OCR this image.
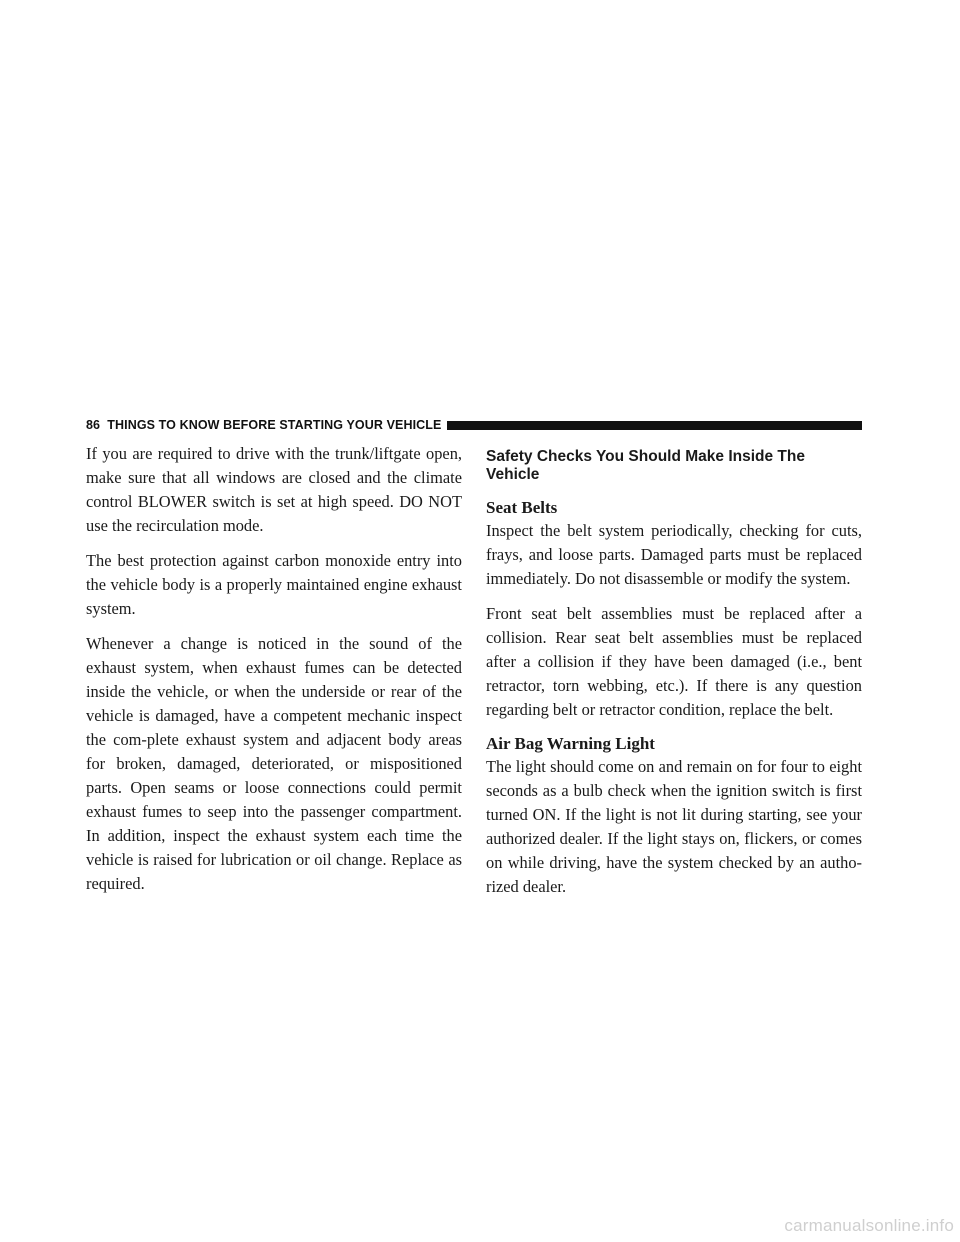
86
THINGS TO KNOW BEFORE STARTING YOUR VEHICLE

If you are required to drive with the trunk/liftgate open, make sure that all windows are closed and the climate control BLOWER switch is set at high speed. DO NOT use the recirculation mode.

The best protection against carbon monoxide entry into the vehicle body is a properly maintained engine exhaust system.

Whenever a change is noticed in the sound of the exhaust system, when exhaust fumes can be detected inside the vehicle, or when the underside or rear of the vehicle is damaged, have a competent mechanic inspect the com-plete exhaust system and adjacent body areas for broken, damaged, deteriorated, or mispositioned parts. Open seams or loose connections could permit exhaust fumes to seep into the passenger compartment. In addition, inspect the exhaust system each time the vehicle is raised for lubrication or oil change. Replace as required.

Safety Checks You Should Make Inside The Vehicle
Seat Belts

Inspect the belt system periodically, checking for cuts, frays, and loose parts. Damaged parts must be replaced immediately. Do not disassemble or modify the system.

Front seat belt assemblies must be replaced after a collision. Rear seat belt assemblies must be replaced after a collision if they have been damaged (i.e., bent retractor, torn webbing, etc.). If there is any question regarding belt or retractor condition, replace the belt.

Air Bag Warning Light

The light should come on and remain on for four to eight seconds as a bulb check when the ignition switch is first turned ON. If the light is not lit during starting, see your authorized dealer. If the light stays on, flickers, or comes on while driving, have the system checked by an autho-rized dealer.

carmanualsonline.info
